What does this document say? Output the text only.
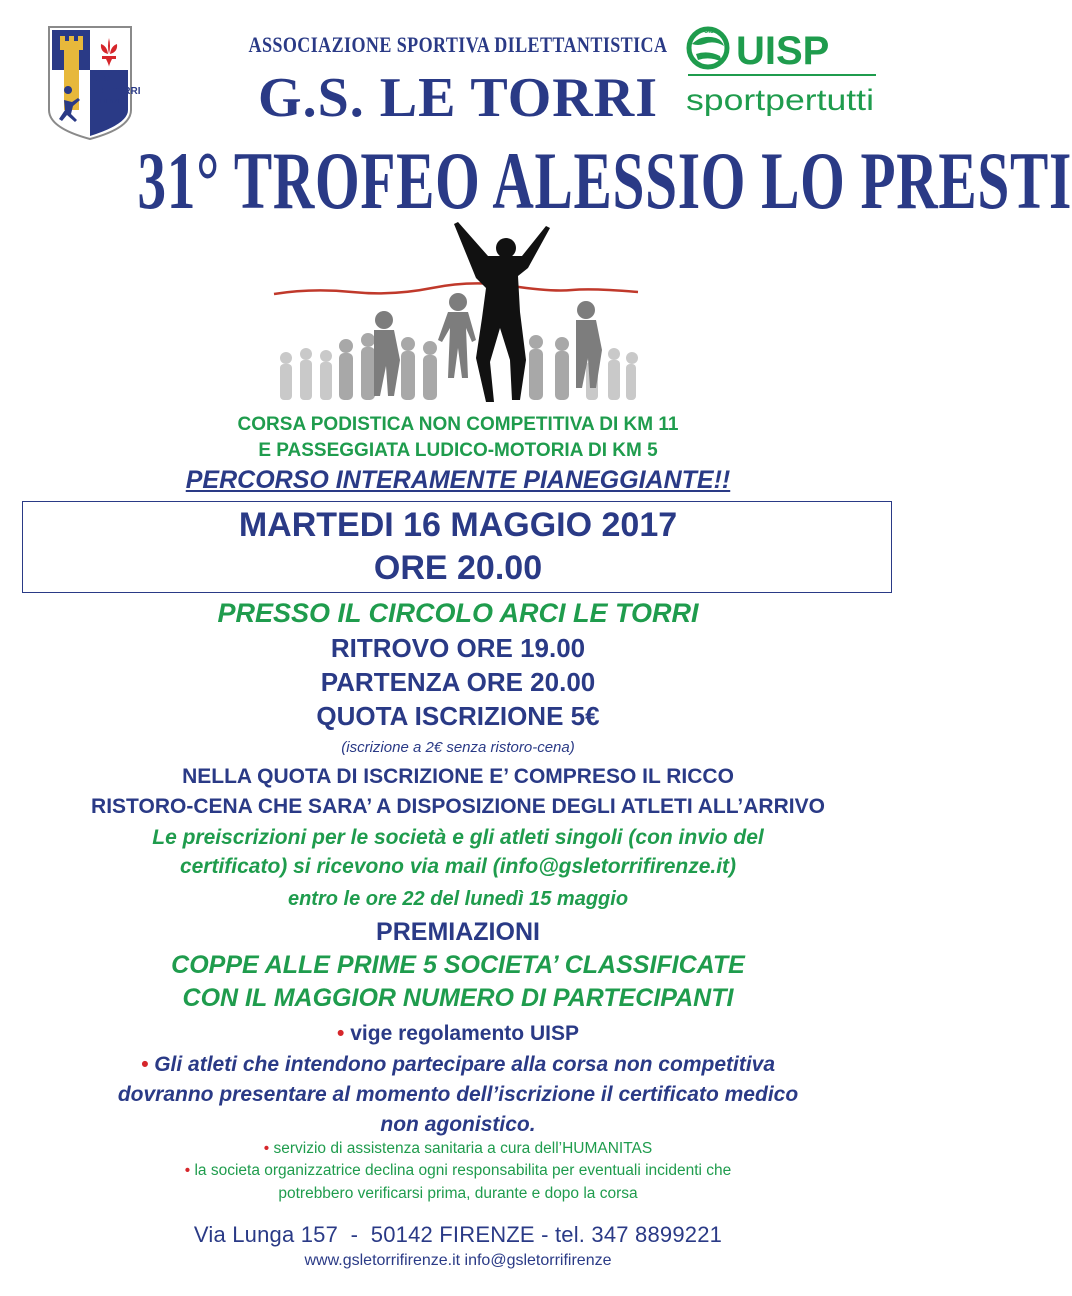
G.S.
LE TORRI
FIRENZE
ASSOCIAZIONE SPORTIVA DILETTANTISTICA
G.S. LE TORRI
UISP UISP
sportpertutti
31° TROFEO ALESSIO LO PRESTI
CORSA PODISTICA NON COMPETITIVA DI KM 11
E PASSEGGIATA LUDICO-MOTORIA DI KM 5
PERCORSO INTERAMENTE PIANEGGIANTE!!
MARTEDI 16 MAGGIO 2017
ORE 20.00
PRESSO IL CIRCOLO ARCI LE TORRI
RITROVO ORE 19.00
PARTENZA ORE 20.00
QUOTA ISCRIZIONE 5€
(iscrizione a 2€ senza ristoro-cena)
NELLA QUOTA DI ISCRIZIONE E’ COMPRESO IL RICCO
RISTORO-CENA CHE SARA’ A DISPOSIZIONE DEGLI ATLETI ALL’ARRIVO
Le preiscrizioni per le società e gli atleti singoli (con invio del
certificato) si ricevono via mail (info@gsletorrifirenze.it)
entro le ore 22 del lunedì 15 maggio
PREMIAZIONI
COPPE ALLE PRIME 5 SOCIETA’ CLASSIFICATE
CON IL MAGGIOR NUMERO DI PARTECIPANTI
• vige regolamento UISP
• Gli atleti che intendono partecipare alla corsa non competitiva
dovranno presentare al momento dell’iscrizione il certificato medico
non agonistico.
• servizio di assistenza sanitaria a cura dell’HUMANITAS
• la societa organizzatrice declina ogni responsabilita per eventuali incidenti che
potrebbero verificarsi prima, durante e dopo la corsa
Via Lunga 157  -  50142 FIRENZE - tel. 347 8899221
www.gsletorrifirenze.it info@gsletorrifirenze
